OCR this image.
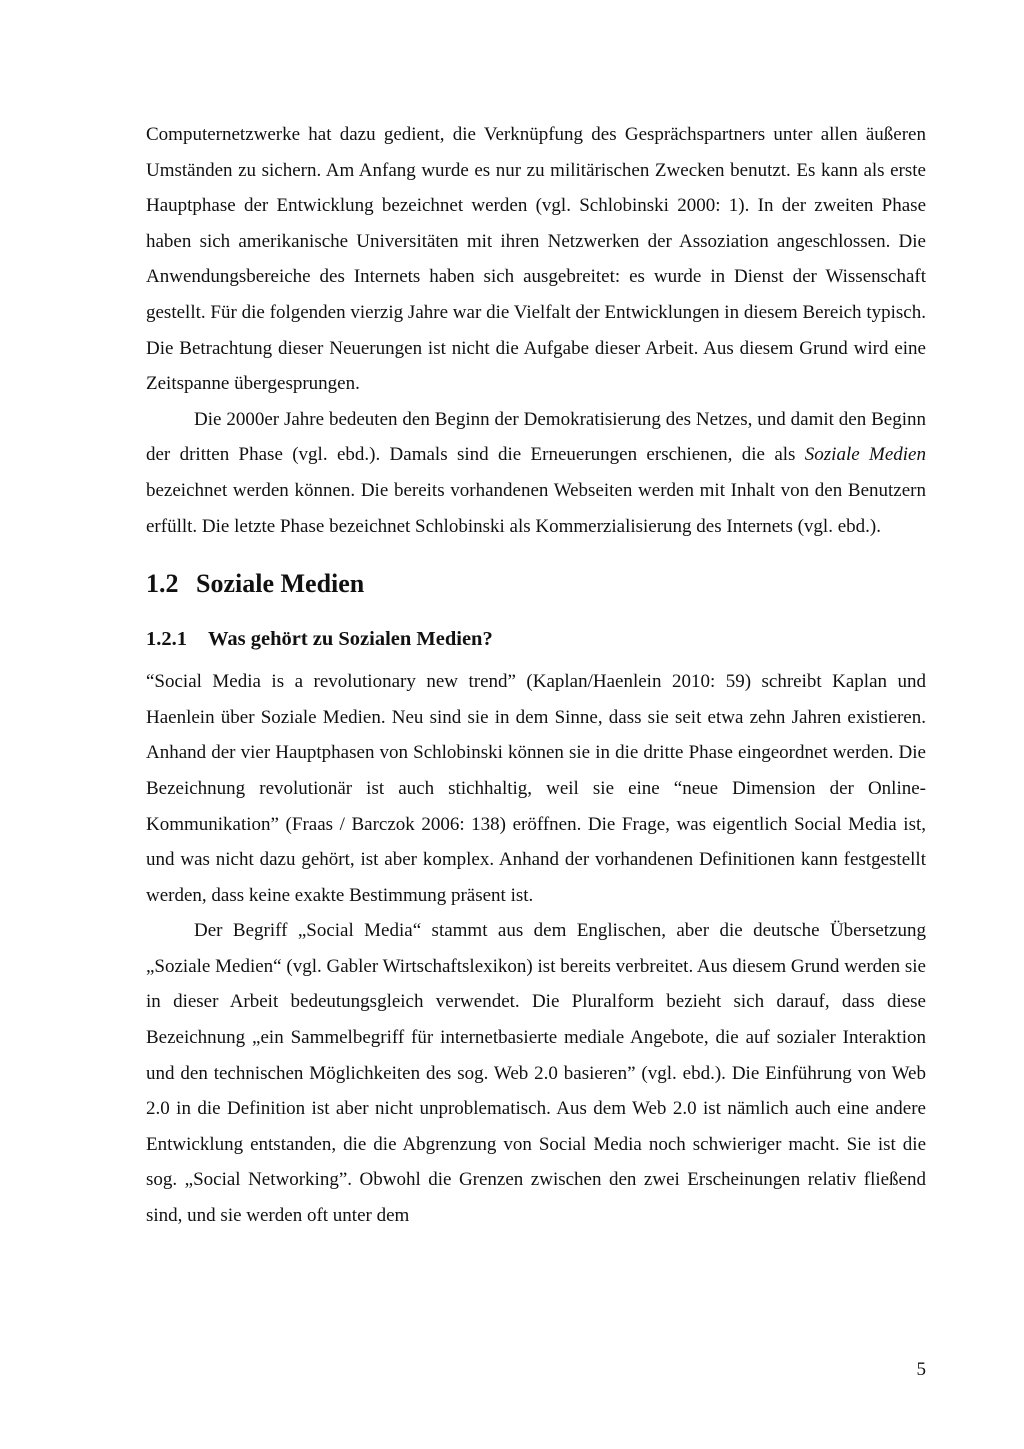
Computernetzwerke hat dazu gedient, die Verknüpfung des Gesprächspartners unter allen äußeren Umständen zu sichern. Am Anfang wurde es nur zu militärischen Zwecken benutzt. Es kann als erste Hauptphase der Entwicklung bezeichnet werden (vgl. Schlobinski 2000: 1). In der zweiten Phase haben sich amerikanische Universitäten mit ihren Netzwerken der Assoziation angeschlossen. Die Anwendungsbereiche des Internets haben sich ausgebreitet: es wurde in Dienst der Wissenschaft gestellt. Für die folgenden vierzig Jahre war die Vielfalt der Entwicklungen in diesem Bereich typisch. Die Betrachtung dieser Neuerungen ist nicht die Aufgabe dieser Arbeit. Aus diesem Grund wird eine Zeitspanne übergesprungen.

Die 2000er Jahre bedeuten den Beginn der Demokratisierung des Netzes, und damit den Beginn der dritten Phase (vgl. ebd.). Damals sind die Erneuerungen erschienen, die als Soziale Medien bezeichnet werden können. Die bereits vorhandenen Webseiten werden mit Inhalt von den Benutzern erfüllt. Die letzte Phase bezeichnet Schlobinski als Kommerzialisierung des Internets (vgl. ebd.).

1.2 Soziale Medien
1.2.1 Was gehört zu Sozialen Medien?

“Social Media is a revolutionary new trend” (Kaplan/Haenlein 2010: 59) schreibt Kaplan und Haenlein über Soziale Medien. Neu sind sie in dem Sinne, dass sie seit etwa zehn Jahren existieren. Anhand der vier Hauptphasen von Schlobinski können sie in die dritte Phase eingeordnet werden. Die Bezeichnung revolutionär ist auch stichhaltig, weil sie eine “neue Dimension der Online-Kommunikation” (Fraas / Barczok 2006: 138) eröffnen. Die Frage, was eigentlich Social Media ist, und was nicht dazu gehört, ist aber komplex. Anhand der vorhandenen Definitionen kann festgestellt werden, dass keine exakte Bestimmung präsent ist.

Der Begriff „Social Media“ stammt aus dem Englischen, aber die deutsche Übersetzung „Soziale Medien“ (vgl. Gabler Wirtschaftslexikon) ist bereits verbreitet. Aus diesem Grund werden sie in dieser Arbeit bedeutungsgleich verwendet. Die Pluralform bezieht sich darauf, dass diese Bezeichnung „ein Sammelbegriff für internetbasierte mediale Angebote, die auf sozialer Interaktion und den technischen Möglichkeiten des sog. Web 2.0 basieren” (vgl. ebd.). Die Einführung von Web 2.0 in die Definition ist aber nicht unproblematisch. Aus dem Web 2.0 ist nämlich auch eine andere Entwicklung entstanden, die die Abgrenzung von Social Media noch schwieriger macht. Sie ist die sog. „Social Networking”. Obwohl die Grenzen zwischen den zwei Erscheinungen relativ fließend sind, und sie werden oft unter dem

5
